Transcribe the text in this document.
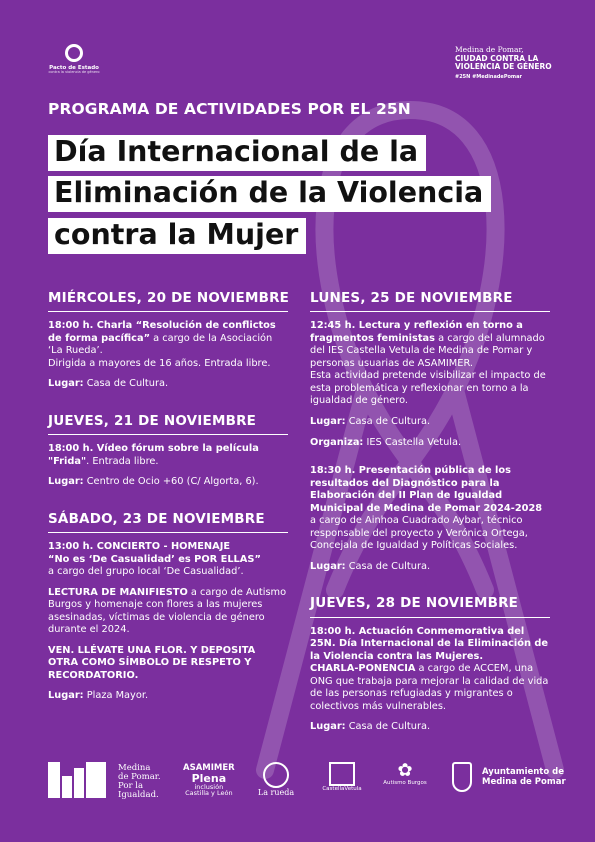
Pacto de Estado
contra la violencia de género
Medina de Pomar,
CIUDAD CONTRA LA
VIOLENCIA DE GÉNERO
#25N #MedinadePomar
PROGRAMA DE ACTIVIDADES POR EL 25N
Día Internacional de la
Eliminación de la Violencia
contra la Mujer
MIÉRCOLES, 20 DE NOVIEMBRE
18:00 h. Charla “Resolución de conflictos de forma pacífica” a cargo de la Asociación ‘La Rueda’.
Dirigida a mayores de 16 años. Entrada libre.
Lugar: Casa de Cultura.
JUEVES, 21 DE NOVIEMBRE
18:00 h. Vídeo fórum sobre la película "Frida". Entrada libre.
Lugar: Centro de Ocio +60 (C/ Algorta, 6).
SÁBADO, 23 DE NOVIEMBRE
13:00 h. CONCIERTO - HOMENAJE
“No es ‘De Casualidad’ es POR ELLAS”
a cargo del grupo local ‘De Casualidad’.
LECTURA DE MANIFIESTO a cargo de Autismo Burgos y homenaje con flores a las mujeres asesinadas, víctimas de violencia de género durante el 2024.
VEN. LLÉVATE UNA FLOR. Y DEPOSITA OTRA COMO SÍMBOLO DE RESPETO Y RECORDATORIO.
Lugar: Plaza Mayor.
LUNES, 25 DE NOVIEMBRE
12:45 h. Lectura y reflexión en torno a fragmentos feministas a cargo del alumnado del IES Castella Vetula de Medina de Pomar y personas usuarias de ASAMIMER.
Esta actividad pretende visibilizar el impacto de esta problemática y reflexionar en torno a la igualdad de género.
Lugar: Casa de Cultura.
Organiza: IES Castella Vetula.
18:30 h. Presentación pública de los resultados del Diagnóstico para la Elaboración del II Plan de Igualdad Municipal de Medina de Pomar 2024-2028 a cargo de Ainhoa Cuadrado Aybar, técnico responsable del proyecto y Verónica Ortega, Concejala de Igualdad y Políticas Sociales.
Lugar: Casa de Cultura.
JUEVES, 28 DE NOVIEMBRE
18:00 h. Actuación Conmemorativa del 25N. Día Internacional de la Eliminación de la Violencia contra las Mujeres.
CHARLA-PONENCIA a cargo de ACCEM, una ONG que trabaja para mejorar la calidad de vida de las personas refugiadas y migrantes o colectivos más vulnerables.
Lugar: Casa de Cultura.
Medina
de Pomar.
Por la
Igualdad.
ASAMIMER
Plena
inclusión
Castilla y León	La rueda	CastellaVetula
✿
Autismo Burgos
Ayuntamiento de
Medina de Pomar
